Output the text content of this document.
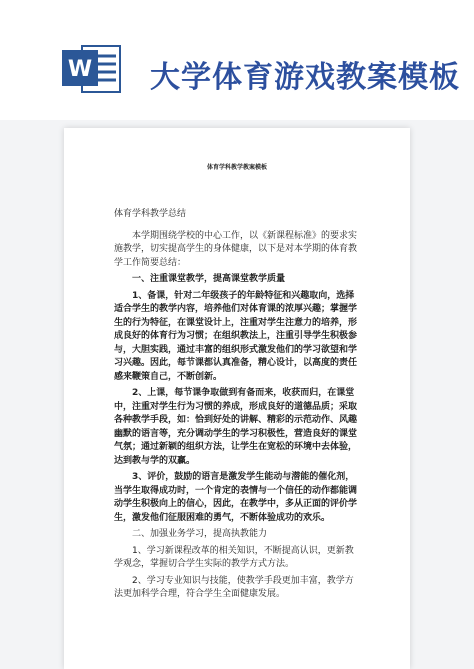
W 大学体育游戏教案模板
体育学科教学教案模板

体育学科教学总结

本学期围绕学校的中心工作，以《新课程标准》的要求实施教学，切实提高学生的身体健康，以下是对本学期的体育教学工作简要总结：

一、注重课堂教学，提高课堂教学质量

1、备课，针对二年级孩子的年龄特征和兴趣取向，选择适合学生的教学内容，培养他们对体育课的浓厚兴趣；掌握学生的行为特征，在课堂设计上，注重对学生注意力的培养，形成良好的体育行为习惯；在组织教法上，注重引导学生积极参与，大胆实践，通过丰富的组织形式激发他们的学习欲望和学习兴趣。因此，每节课都认真准备，精心设计，以高度的责任感来鞭策自己，不断创新。

2、上课，每节课争取做到有备而来，收获而归，在课堂中，注重对学生行为习惯的养成，形成良好的道德品质；采取各种教学手段，如：恰到好处的讲解、精彩的示范动作、风趣幽默的语言等，充分调动学生的学习积极性，营造良好的课堂气氛；通过新颖的组织方法，让学生在宽松的环境中去体验，达到教与学的双赢。

3、评价，鼓励的语言是激发学生能动与潜能的催化剂，当学生取得成功时，一个肯定的表情与一个信任的动作都能调动学生积极向上的信心，因此，在教学中，多从正面的评价学生，激发他们征服困难的勇气，不断体验成功的欢乐。

二、加强业务学习，提高执教能力

1、学习新课程改革的相关知识，不断提高认识，更新教学观念，掌握切合学生实际的教学方式方法。

2、学习专业知识与技能，使教学手段更加丰富，教学方法更加科学合理，符合学生全面健康发展。
